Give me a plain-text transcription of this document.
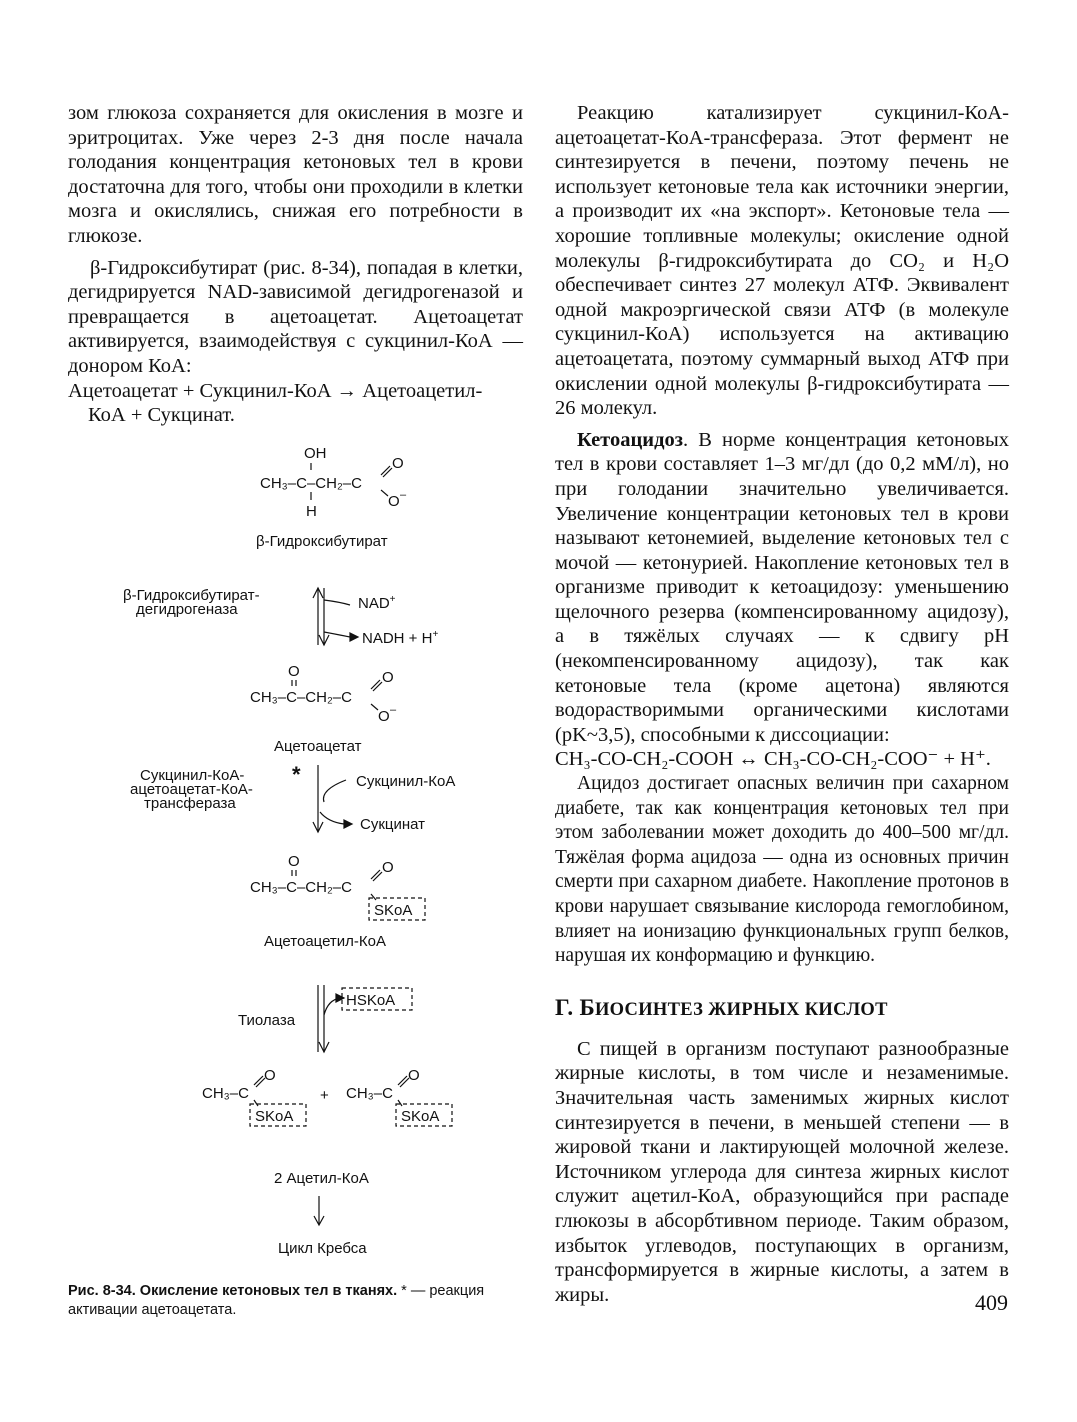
зом глюкоза сохраняется для окисления в мозге и эритроцитах. Уже через 2-3 дня после начала голодания концентрация кетоновых тел в крови достаточна для того, чтобы они проходили в клетки мозга и окислялись, снижая его потребности в глюкозе.

β-Гидроксибутират (рис. 8-34), попадая в клетки, дегидрируется NAD-зависимой дегидрогеназой и превращается в ацетоацетат. Ацетоацетат активируется, взаимодействуя с сукцинил-КоА — донором КоА:

Ацетоацетат + Сукцинил-КоА → Ацетоацетил-

КоА + Сукцинат.

OH
CH₃–C–CH₂–C
H
O
O –
β-Гидроксибутират
β-Гидроксибутират-
дегидрогеназа	NAD+
NADH + H+
O
CH₃–C–CH₂–C
O
O –
Ацетоацетат
*
Сукцинил-КоА-
ацетоацетат-КоА-
трансфераза
Сукцинил-КоА
Сукцинат
O
CH₃–C–CH₂–C
O
SKoA
Ацетоацетил-КоА
HSKoA
Тиолаза
CH₃–C
O
SKoA
+ CH₃–C
O
SKoA
2 Ацетил-КоА
Цикл Кребса
Рис. 8-34. Окисление кетоновых тел в тканях. * — реакция активации ацетоацетата.

Реакцию катализирует сукцинил-КоА-ацетоацетат-КоА-трансфераза. Этот фермент не синтезируется в печени, поэтому печень не использует кетоновые тела как источники энергии, а производит их «на экспорт». Кетоновые тела — хорошие топливные молекулы; окисление одной молекулы β-гидроксибутирата до CO₂ и H₂O обеспечивает синтез 27 молекул АТФ. Эквивалент одной макроэргической связи АТФ (в молекуле сукцинил-КоА) используется на активацию ацетоацетата, поэтому суммарный выход АТФ при окислении одной молекулы β-гидроксибутирата — 26 молекул.

Кетоацидоз. В норме концентрация кетоновых тел в крови составляет 1–3 мг/дл (до 0,2 мМ/л), но при голодании значительно увеличивается. Увеличение концентрации кетоновых тел в крови называют кетонемией, выделение кетоновых тел с мочой — кетонурией. Накопление кетоновых тел в организме приводит к кетоацидозу: уменьшению щелочного резерва (компенсированному ацидозу), а в тяжёлых случаях — к сдвигу pH (некомпенсированному ацидозу), так как кетоновые тела (кроме ацетона) являются водорастворимыми органическими кислотами (pK~3,5), способными к диссоциации:

CH₃-CO-CH₂-COOH ↔ CH₃-CO-CH₂-COO⁻ + H⁺.

Ацидоз достигает опасных величин при сахарном диабете, так как концентрация кетоновых тел при этом заболевании может доходить до 400–500 мг/дл. Тяжёлая форма ацидоза — одна из основных причин смерти при сахарном диабете. Накопление протонов в крови нарушает связывание кислорода гемоглобином, влияет на ионизацию функциональных групп белков, нарушая их конформацию и функцию.

Г. БИОСИНТЕЗ ЖИРНЫХ КИСЛОТ

С пищей в организм поступают разнообразные жирные кислоты, в том числе и незаменимые. Значительная часть заменимых жирных кислот синтезируется в печени, в меньшей степени — в жировой ткани и лактирующей молочной железе. Источником углерода для синтеза жирных кислот служит ацетил-КоА, образующийся при распаде глюкозы в абсорбтивном периоде. Таким образом, избыток углеводов, поступающих в организм, трансформируется в жирные кислоты, а затем в жиры.	409
